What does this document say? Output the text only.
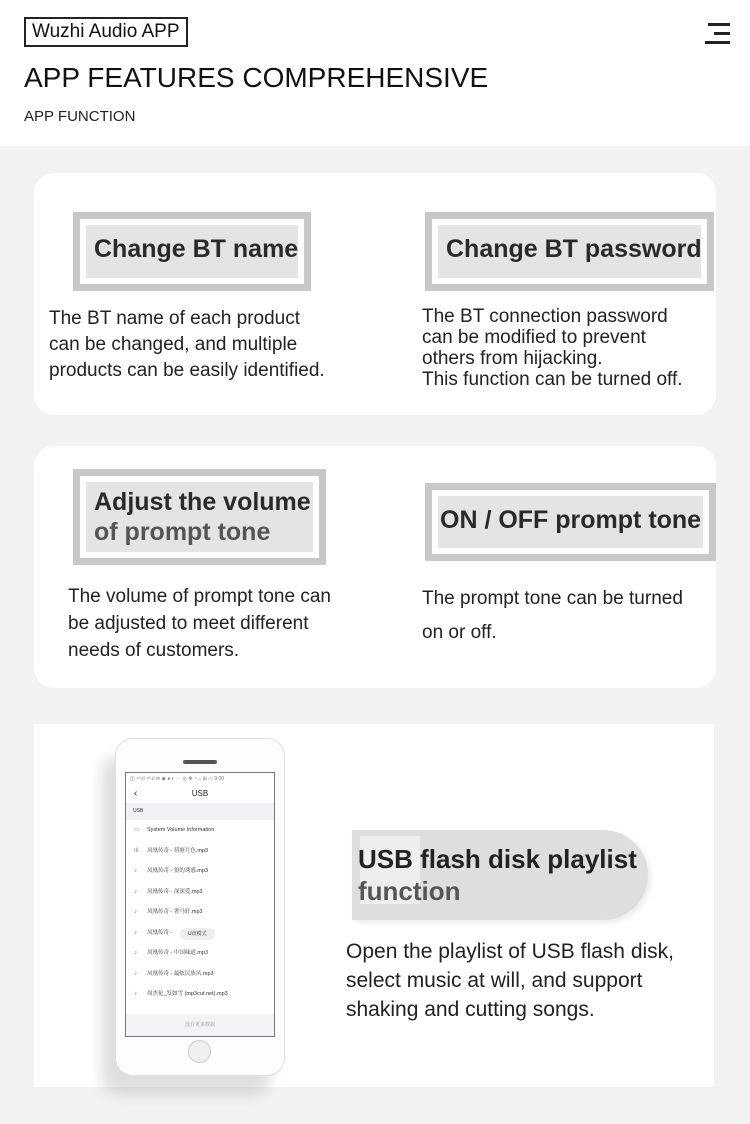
Wuzhi Audio APP
APP FEATURES COMPREHENSIVE
APP FUNCTION
Change BT name
The BT name of each product
can be changed, and multiple
products can be easily identified.
Change BT password
The BT connection password
can be modified to prevent
others from hijacking.
This function can be turned off.
Adjust the volume
of prompt tone
The volume of prompt tone can
be adjusted to meet different
needs of customers.
ON / OFF prompt tone
The prompt tone can be turned
on or off.
◫ ⁴ᴳ.ıl ⁴ᴳ.ıl ✉ ◉ ● ◐ ··· ◎ ✻ ◔ ⌂ ⊞ ▭ 9:00
‹	USB
USB
▭ System Volume Information
ılı 凤凰传奇 - 荷塘月色.mp3
♪ 凤凰传奇 - 狼的诱惑.mp3
♪ 凤凰传奇 - 深深爱.mp3
♪ 凤凰传奇 - 奢马轩.mp3
♪ 凤凰传奇 -	U盘模式
♪ 凤凰传奇 - 中国味道.mp3
♪ 凤凰传奇 - 最炫民族风.mp3
♪ 周杰伦_发如雪 (mp3cut.net).mp3
没有更多数据
USB flash disk playlist
function
Open the playlist of USB flash disk,
select music at will, and support
shaking and cutting songs.
